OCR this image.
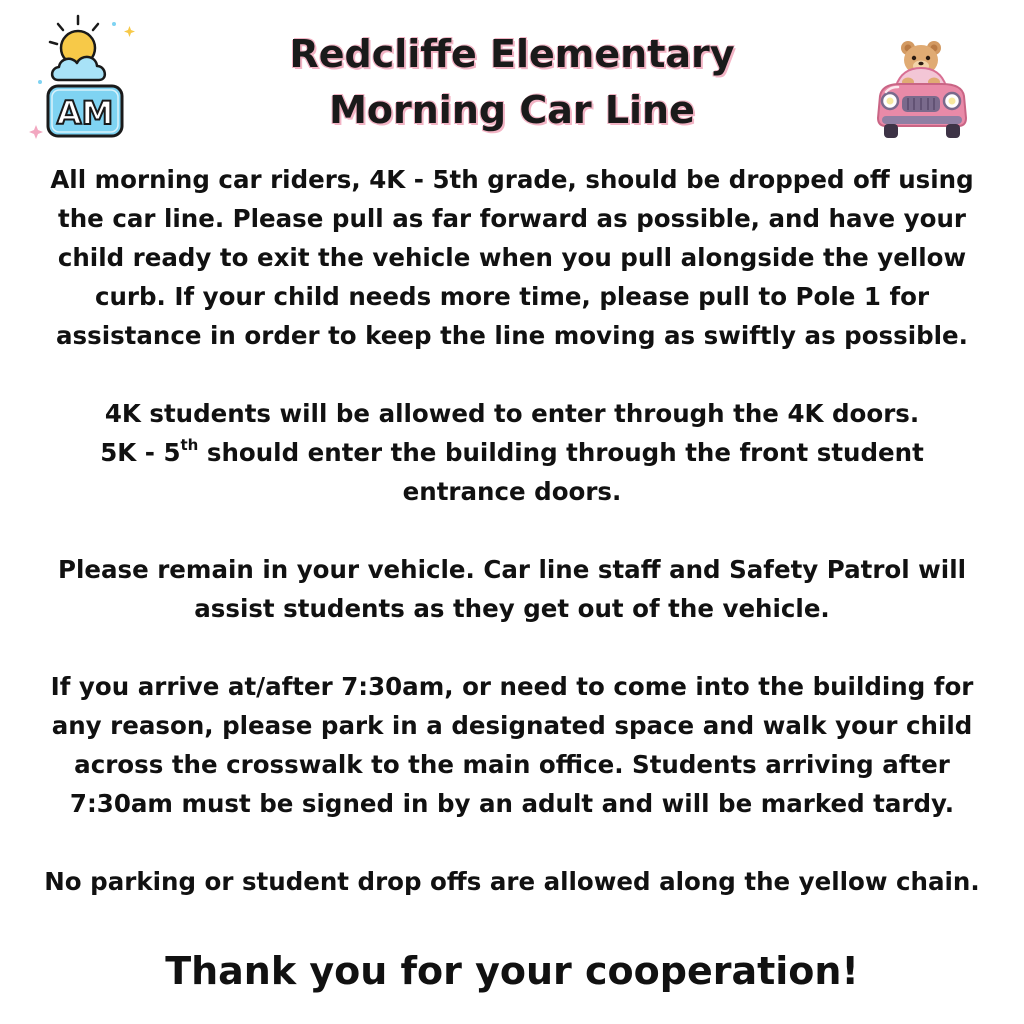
AM
Redcliffe Elementary
Morning Car Line

All morning car riders, 4K - 5th grade, should be dropped off using the car line. Please pull as far forward as possible, and have your child ready to exit the vehicle when you pull alongside the yellow curb. If your child needs more time, please pull to Pole 1 for assistance in order to keep the line moving as swiftly as possible.

4K students will be allowed to enter through the 4K doors.
5K - 5th should enter the building through the front student entrance doors.

Please remain in your vehicle. Car line staff and Safety Patrol will assist students as they get out of the vehicle.

If you arrive at/after 7:30am, or need to come into the building for any reason, please park in a designated space and walk your child across the crosswalk to the main office. Students arriving after 7:30am must be signed in by an adult and will be marked tardy.

No parking or student drop offs are allowed along the yellow chain.

Thank you for your cooperation!
